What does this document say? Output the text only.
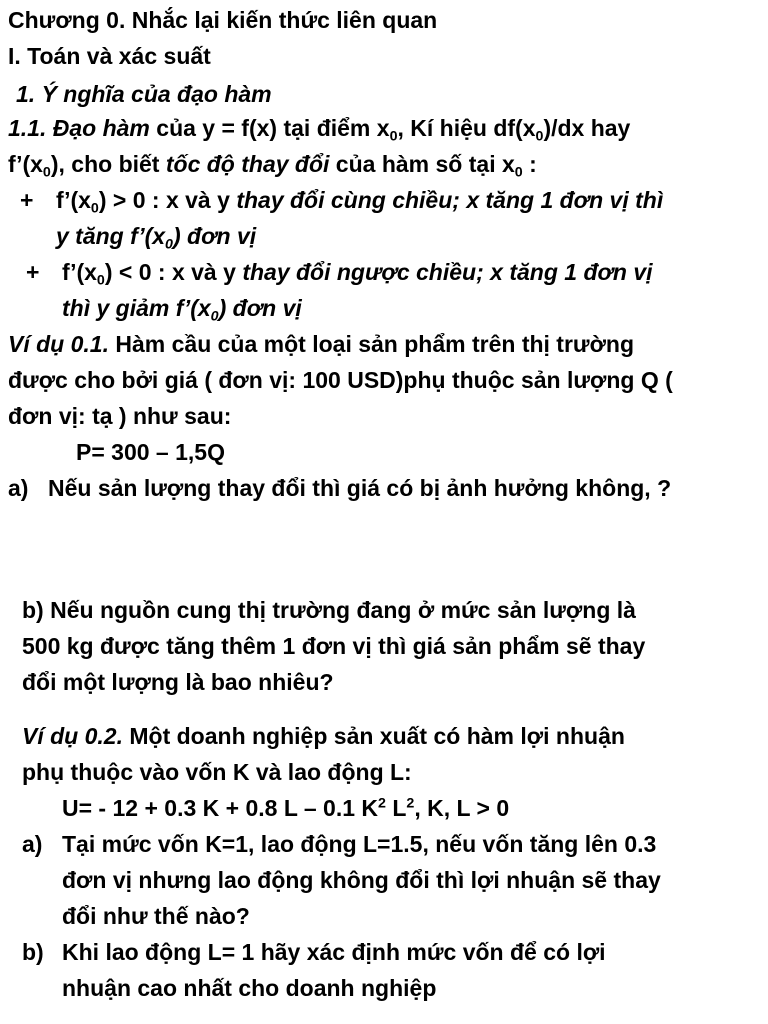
Chương 0. Nhắc lại kiến thức liên quan
I. Toán và xác suất
1. Ý nghĩa của đạo hàm
1.1. Đạo hàm của y = f(x) tại điểm $x_0$, Kí hiệu $df(x_0)/dx$ hay
$f’(x_0)$, cho biết tốc độ thay đổi của hàm số tại $x_0$ :
+ $f’(x_0) > 0$ : x và y thay đổi cùng chiều; x tăng 1 đơn vị thì
y tăng $f’(x_0)$ đơn vị
+ $f’(x_0) < 0$ : x và y thay đổi ngược chiều; x tăng 1 đơn vị
thì y giảm $f’(x_0)$ đơn vị
Ví dụ 0.1. Hàm cầu của một loại sản phẩm trên thị trường
được cho bởi giá ( đơn vị: 100 USD)phụ thuộc sản lượng Q (
đơn vị: tạ ) như sau:
P= 300 – 1,5Q
a) Nếu sản lượng thay đổi thì giá có bị ảnh hưởng không, ?
b) Nếu nguồn cung thị trường đang ở mức sản lượng là
500 kg được tăng thêm 1 đơn vị thì giá sản phẩm sẽ thay
đổi một lượng là bao nhiêu?
Ví dụ 0.2. Một doanh nghiệp sản xuất có hàm lợi nhuận
phụ thuộc vào vốn K và lao động L:
U= - 12 + 0.3 K + 0.8 L – 0.1 $K^2$ $L^2$, K, L > 0
a) Tại mức vốn K=1, lao động L=1.5, nếu vốn tăng lên 0.3
đơn vị nhưng lao động không đổi thì lợi nhuận sẽ thay
đổi như thế nào?
b) Khi lao động L= 1 hãy xác định mức vốn để có lợi
nhuận cao nhất cho doanh nghiệp
